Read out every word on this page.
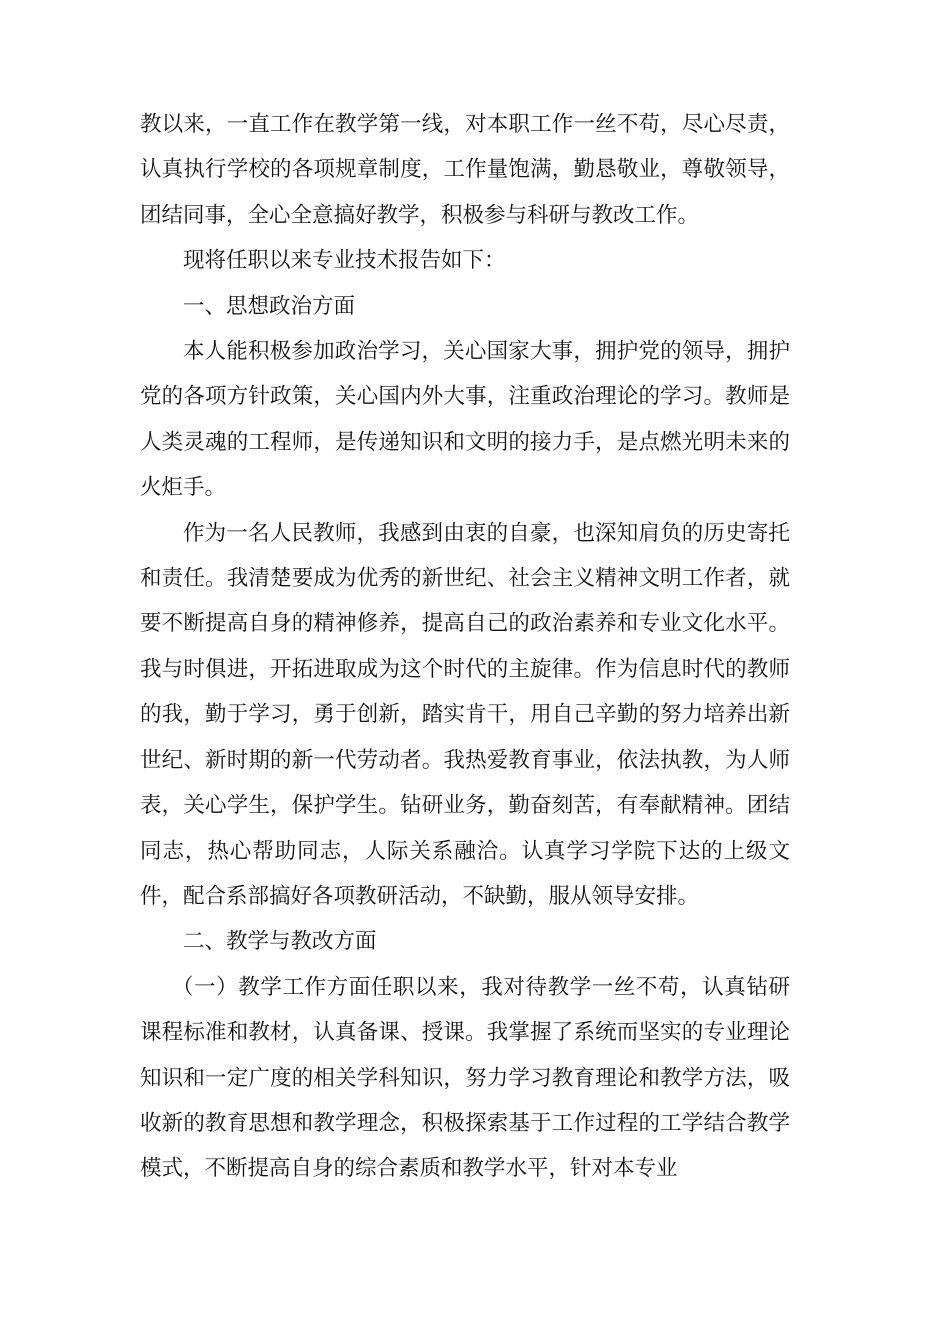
教以来，一直工作在教学第一线，对本职工作一丝不苟，尽心尽责，认真执行学校的各项规章制度，工作量饱满，勤恳敬业，尊敬领导，团结同事，全心全意搞好教学，积极参与科研与教改工作。

现将任职以来专业技术报告如下：

一、思想政治方面

本人能积极参加政治学习，关心国家大事，拥护党的领导，拥护党的各项方针政策，关心国内外大事，注重政治理论的学习。教师是人类灵魂的工程师，是传递知识和文明的接力手，是点燃光明未来的火炬手。

作为一名人民教师，我感到由衷的自豪，也深知肩负的历史寄托和责任。我清楚要成为优秀的新世纪、社会主义精神文明工作者，就要不断提高自身的精神修养，提高自己的政治素养和专业文化水平。我与时俱进，开拓进取成为这个时代的主旋律。作为信息时代的教师的我，勤于学习，勇于创新，踏实肯干，用自己辛勤的努力培养出新世纪、新时期的新一代劳动者。我热爱教育事业，依法执教，为人师表，关心学生，保护学生。钻研业务，勤奋刻苦，有奉献精神。团结同志，热心帮助同志，人际关系融洽。认真学习学院下达的上级文件，配合系部搞好各项教研活动，不缺勤，服从领导安排。

二、教学与教改方面

（一）教学工作方面任职以来，我对待教学一丝不苟，认真钻研课程标准和教材，认真备课、授课。我掌握了系统而坚实的专业理论知识和一定广度的相关学科知识，努力学习教育理论和教学方法，吸收新的教育思想和教学理念，积极探索基于工作过程的工学结合教学模式，不断提高自身的综合素质和教学水平，针对本专业
